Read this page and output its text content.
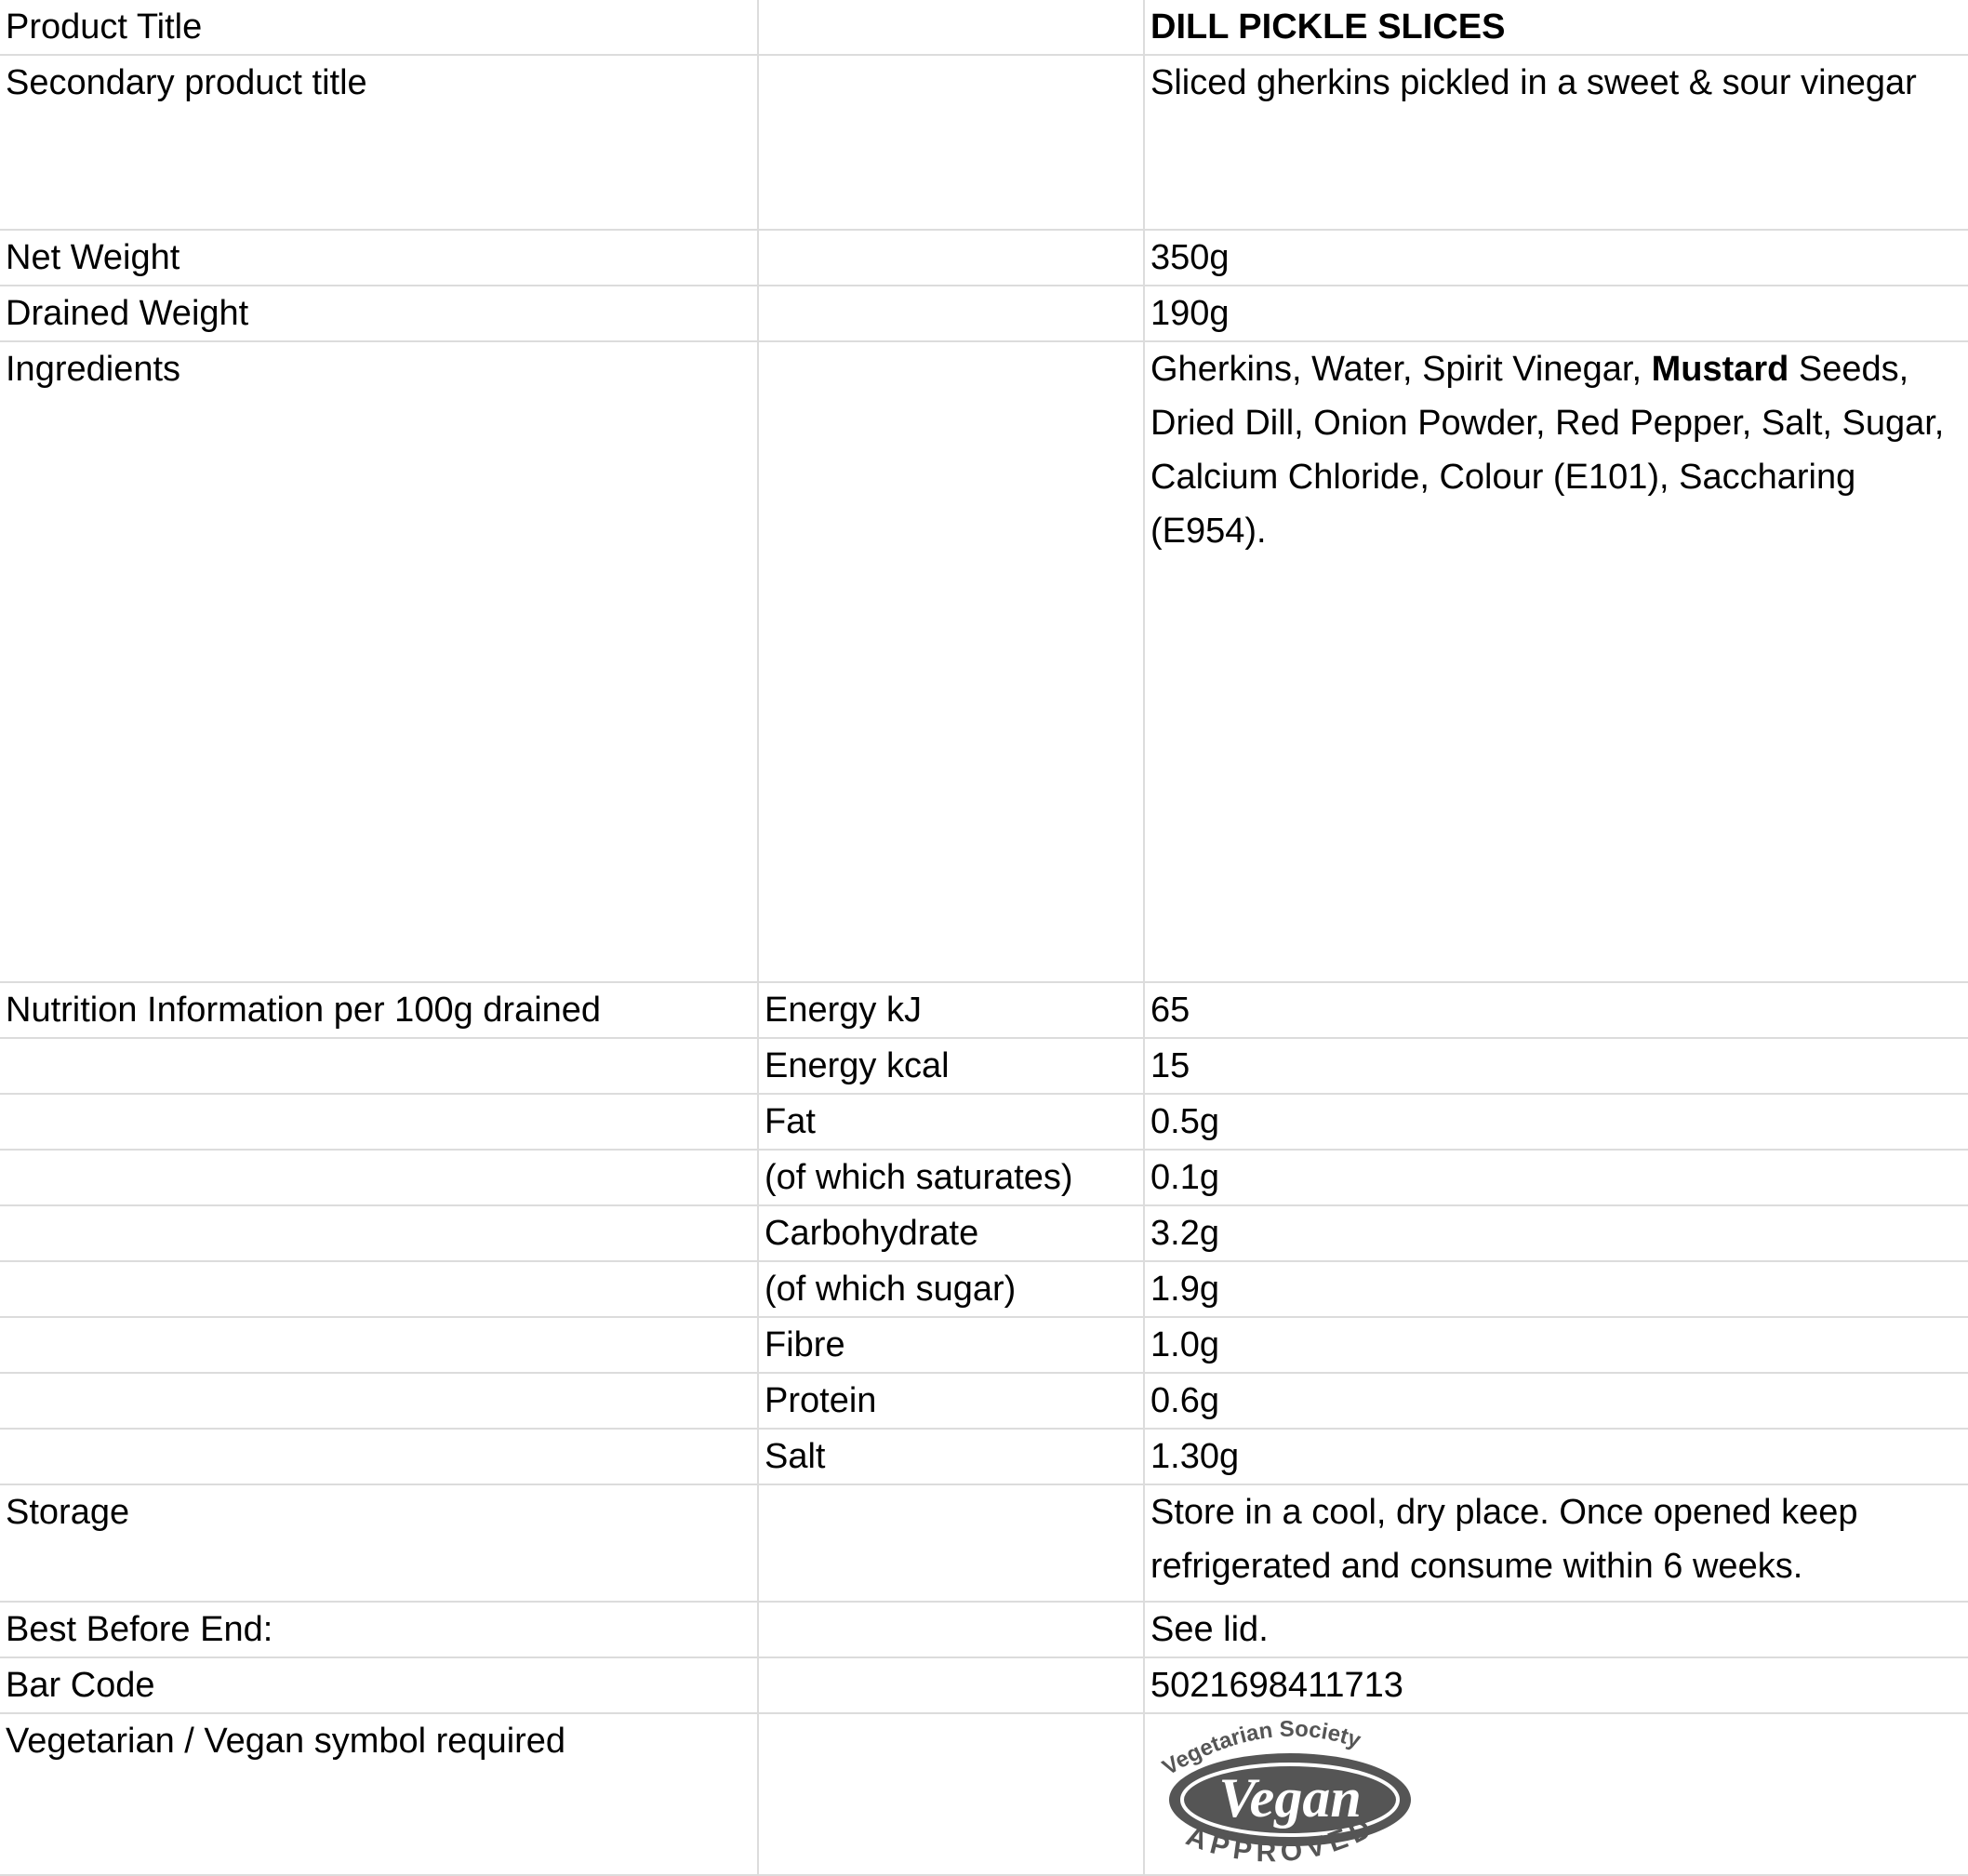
Product Title		DILL PICKLE SLICES
Secondary product title		Sliced gherkins pickled in a sweet & sour vinegar
Net Weight		350g
Drained Weight		190g
Ingredients		Gherkins, Water, Spirit Vinegar, Mustard Seeds, Dried Dill, Onion Powder, Red Pepper, Salt, Sugar, Calcium Chloride, Colour (E101), Saccharing (E954).
Nutrition Information per 100g drained	Energy kJ	65
	Energy kcal	15
	Fat	0.5g
	(of which saturates)	0.1g
	Carbohydrate	3.2g
	(of which sugar)	1.9g
	Fibre	1.0g
	Protein	0.6g
	Salt	1.30g
Storage		Store in a cool, dry place. Once opened keep refrigerated and consume within 6 weeks.
Best Before End:		See lid.
Bar Code		5021698411713
Vegetarian / Vegan symbol required		Vegetarian Society
Vegan
APPROVED
